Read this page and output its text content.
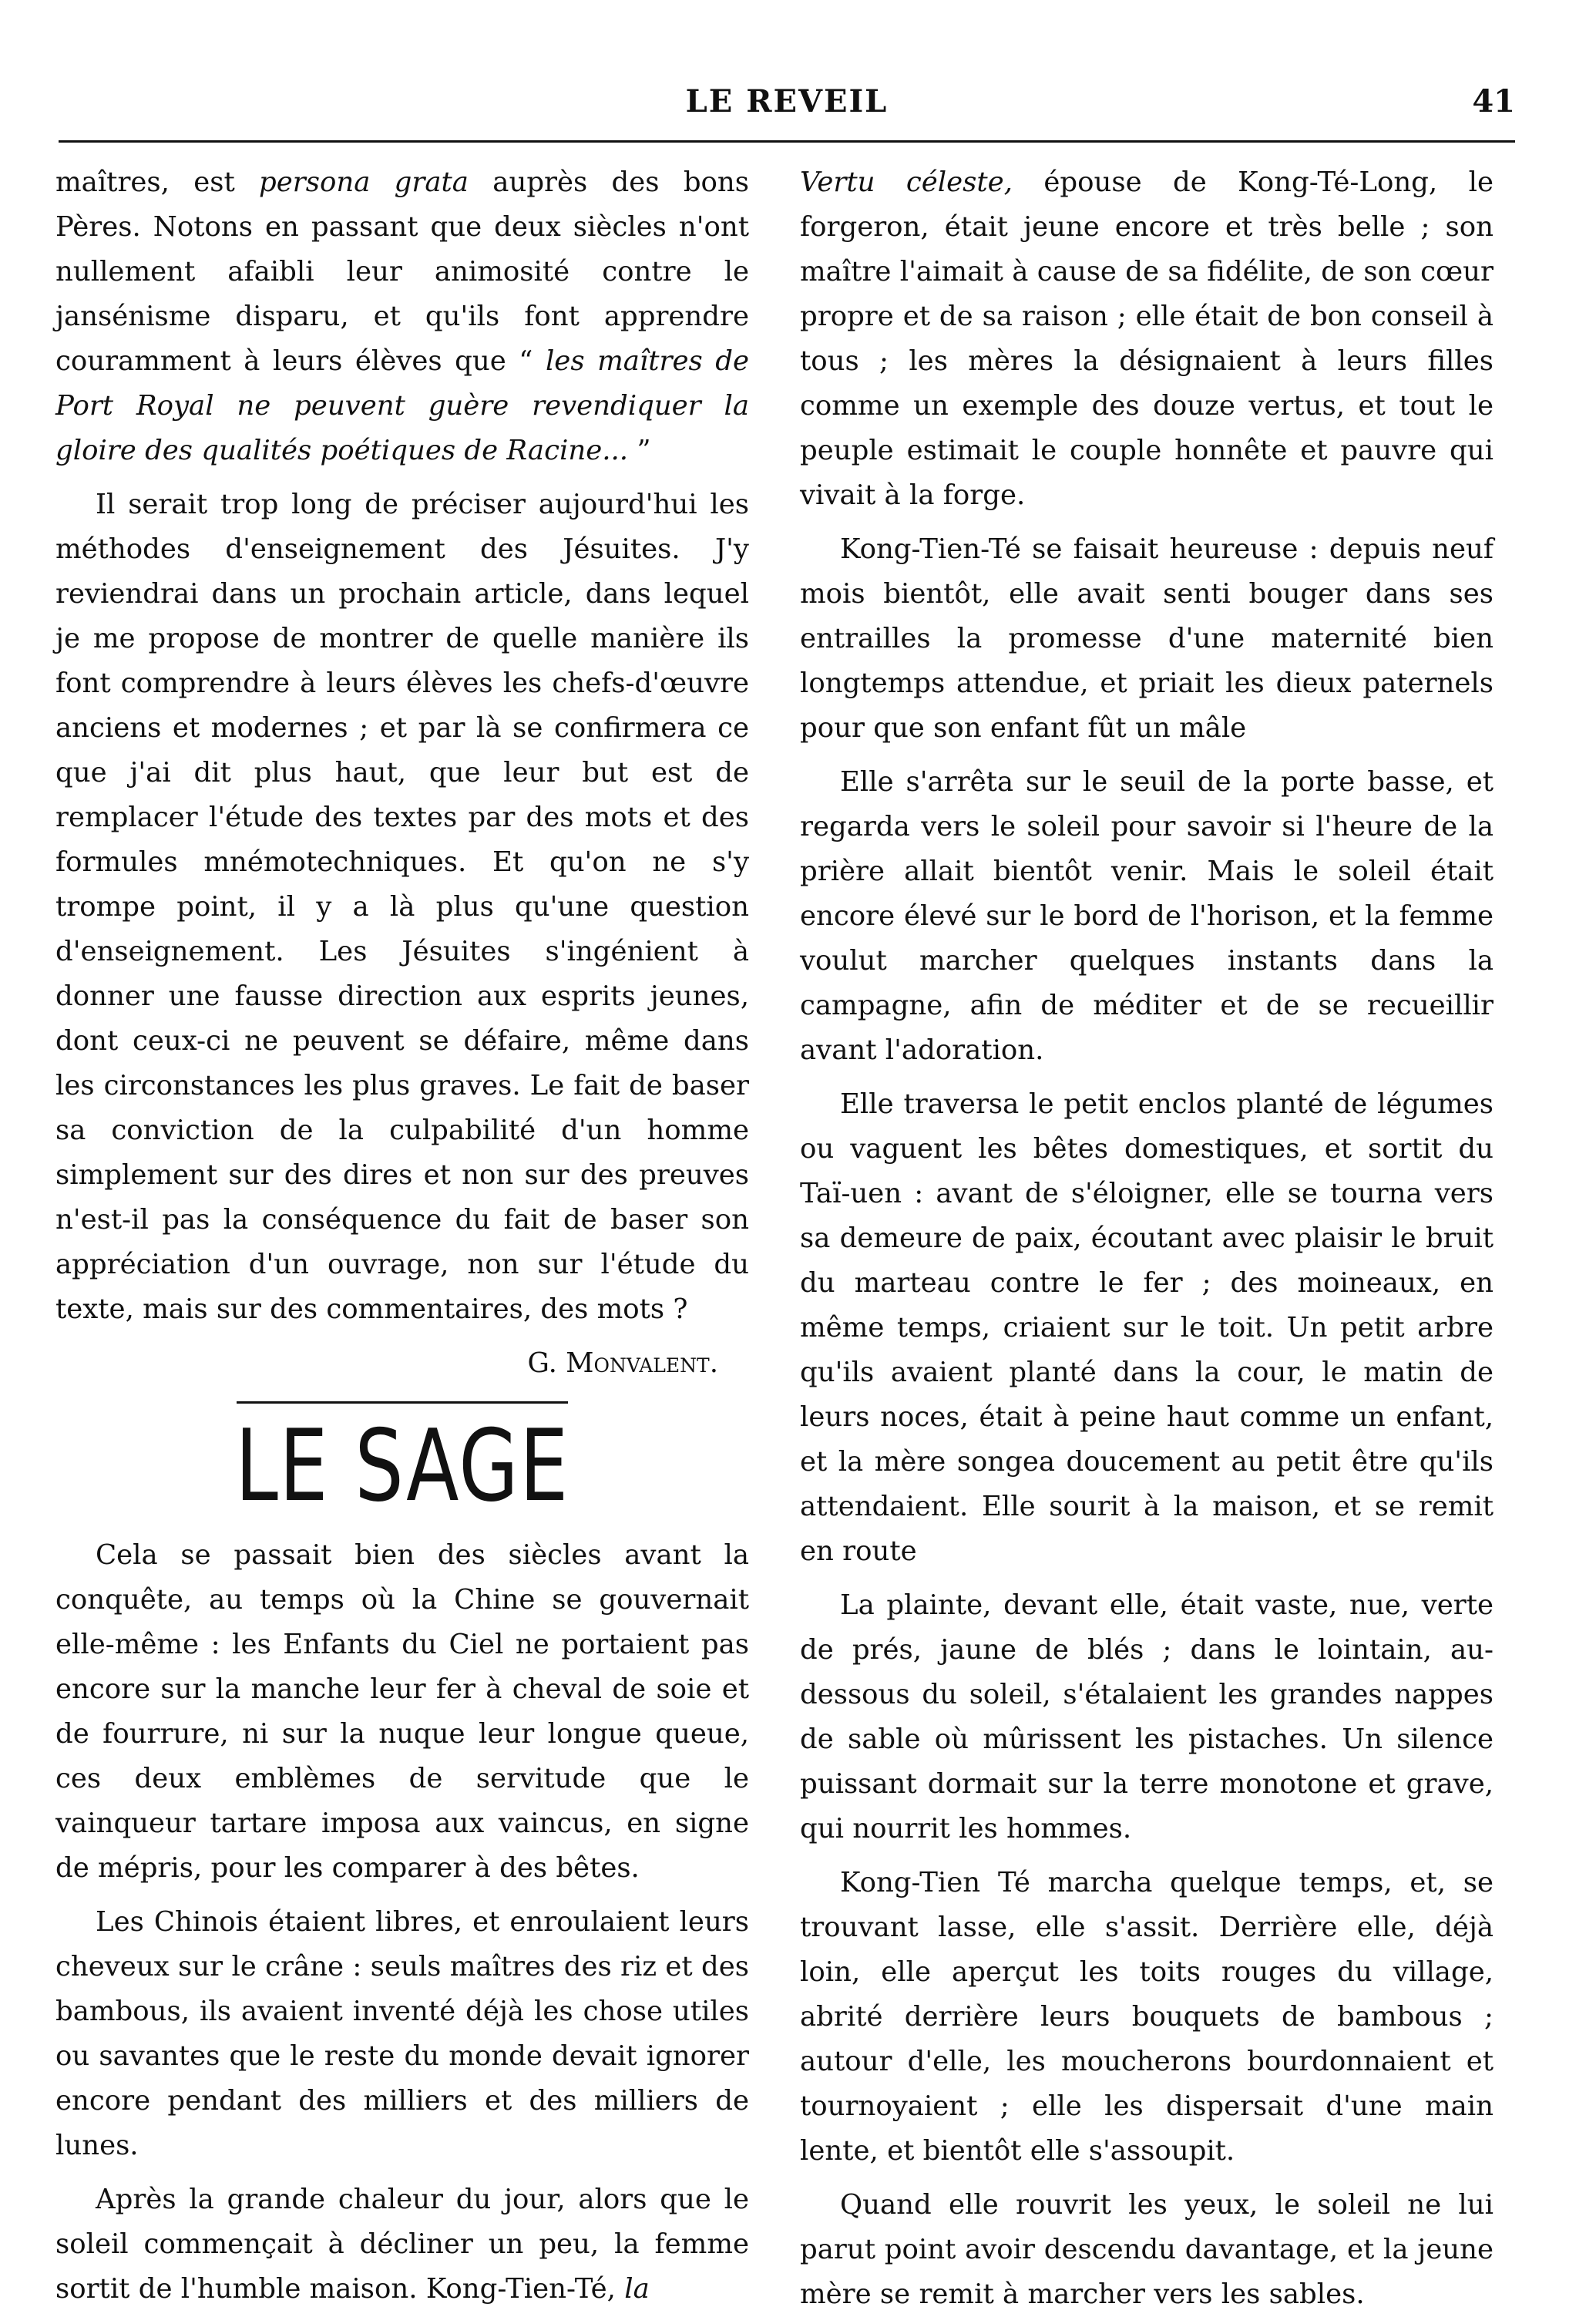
LE REVEIL	41

maîtres, est persona grata auprès des bons Pères. Notons en passant que deux siècles n'ont nullement afaibli leur animosité contre le jansénisme disparu, et qu'ils font apprendre couramment à leurs élèves que “ les maîtres de Port Royal ne peuvent guère revendiquer la gloire des qualités poétiques de Racine... ”

Il serait trop long de préciser aujourd'hui les méthodes d'enseignement des Jésuites. J'y reviendrai dans un prochain article, dans lequel je me propose de montrer de quelle manière ils font comprendre à leurs élèves les chefs-d'œuvre anciens et modernes ; et par là se confirmera ce que j'ai dit plus haut, que leur but est de remplacer l'étude des textes par des mots et des formules mnémotechniques. Et qu'on ne s'y trompe point, il y a là plus qu'une question d'enseignement. Les Jésuites s'ingénient à donner une fausse direction aux esprits jeunes, dont ceux-ci ne peuvent se défaire, même dans les circonstances les plus graves. Le fait de baser sa conviction de la culpabilité d'un homme simplement sur des dires et non sur des preuves n'est-il pas la conséquence du fait de baser son appréciation d'un ouvrage, non sur l'étude du texte, mais sur des commentaires, des mots ?

G. Monvalent.

LE SAGE

Cela se passait bien des siècles avant la conquête, au temps où la Chine se gouvernait elle-même : les Enfants du Ciel ne portaient pas encore sur la manche leur fer à cheval de soie et de fourrure, ni sur la nuque leur longue queue, ces deux emblèmes de servitude que le vainqueur tartare imposa aux vaincus, en signe de mépris, pour les comparer à des bêtes.

Les Chinois étaient libres, et enroulaient leurs cheveux sur le crâne : seuls maîtres des riz et des bambous, ils avaient inventé déjà les chose utiles ou savantes que le reste du monde devait ignorer encore pendant des milliers et des milliers de lunes.

Après la grande chaleur du jour, alors que le soleil commençait à décliner un peu, la femme sortit de l'humble maison. Kong-Tien-Té, la

Vertu céleste, épouse de Kong-Té-Long, le forgeron, était jeune encore et très belle ; son maître l'aimait à cause de sa fidélite, de son cœur propre et de sa raison ; elle était de bon conseil à tous ; les mères la désignaient à leurs filles comme un exemple des douze vertus, et tout le peuple estimait le couple honnête et pauvre qui vivait à la forge.

Kong-Tien-Té se faisait heureuse : depuis neuf mois bientôt, elle avait senti bouger dans ses entrailles la promesse d'une maternité bien longtemps attendue, et priait les dieux paternels pour que son enfant fût un mâle

Elle s'arrêta sur le seuil de la porte basse, et regarda vers le soleil pour savoir si l'heure de la prière allait bientôt venir. Mais le soleil était encore élevé sur le bord de l'horison, et la femme voulut marcher quelques instants dans la campagne, afin de méditer et de se recueillir avant l'adoration.

Elle traversa le petit enclos planté de légumes ou vaguent les bêtes domestiques, et sortit du Taï-uen : avant de s'éloigner, elle se tourna vers sa demeure de paix, écoutant avec plaisir le bruit du marteau contre le fer ; des moineaux, en même temps, criaient sur le toit. Un petit arbre qu'ils avaient planté dans la cour, le matin de leurs noces, était à peine haut comme un enfant, et la mère songea doucement au petit être qu'ils attendaient. Elle sourit à la maison, et se remit en route

La plainte, devant elle, était vaste, nue, verte de prés, jaune de blés ; dans le lointain, au-dessous du soleil, s'étalaient les grandes nappes de sable où mûrissent les pistaches. Un silence puissant dormait sur la terre monotone et grave, qui nourrit les hommes.

Kong-Tien Té marcha quelque temps, et, se trouvant lasse, elle s'assit. Derrière elle, déjà loin, elle aperçut les toits rouges du village, abrité derrière leurs bouquets de bambous ; autour d'elle, les moucherons bourdonnaient et tournoyaient ; elle les dispersait d'une main lente, et bientôt elle s'assoupit.

Quand elle rouvrit les yeux, le soleil ne lui parut point avoir descendu davantage, et la jeune mère se remit à marcher vers les sables.
